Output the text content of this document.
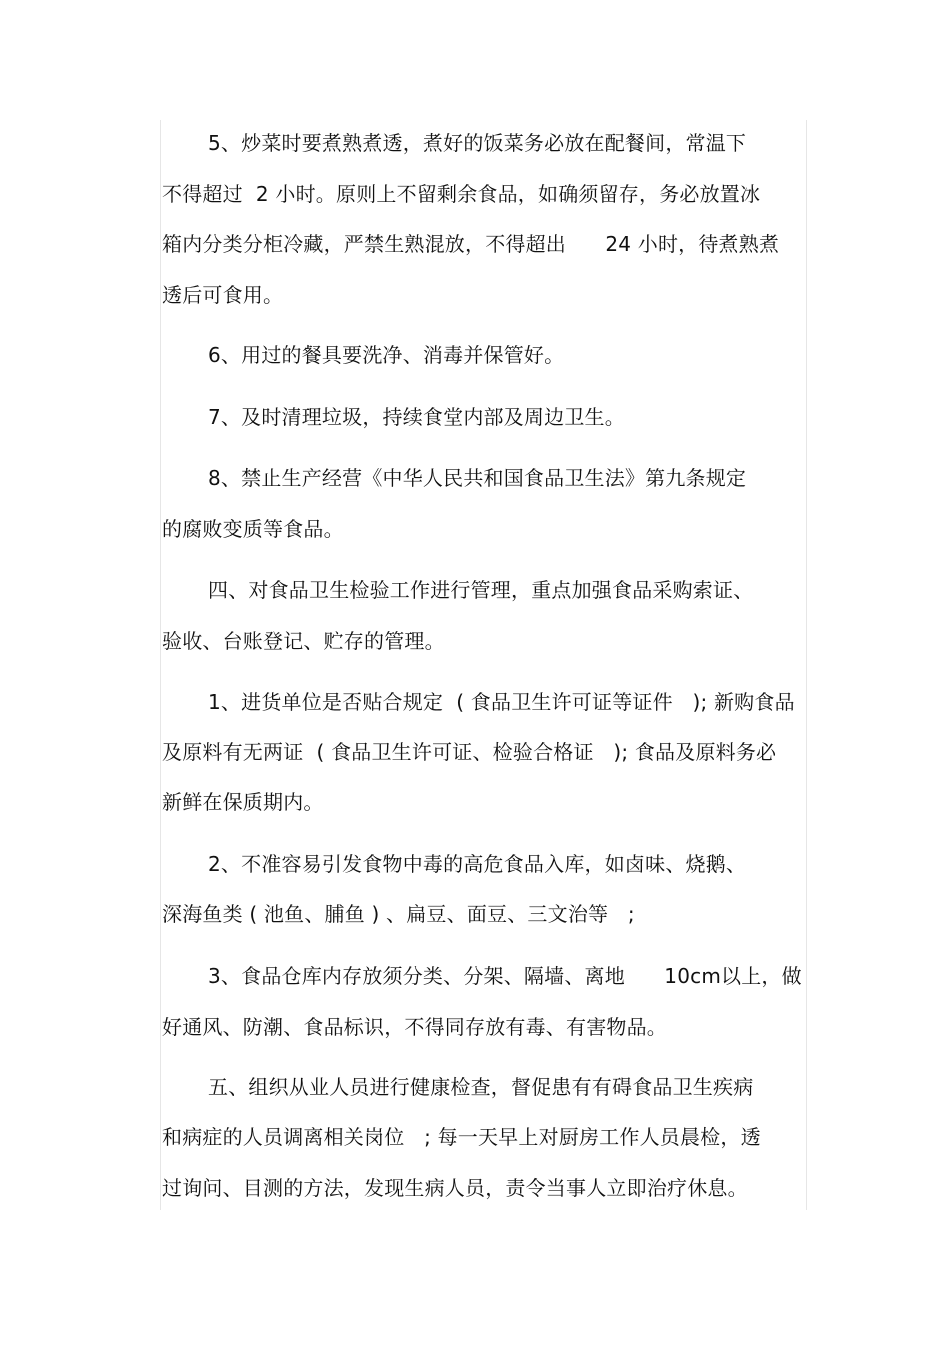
5、炒菜时要煮熟煮透，煮好的饭菜务必放在配餐间，常温下
不得超过  2 小时。原则上不留剩余食品，如确须留存，务必放置冰
箱内分类分柜冷藏，严禁生熟混放，不得超出      24 小时，待煮熟煮
透后可食用。
6、用过的餐具要洗净、消毒并保管好。
7、及时清理垃圾，持续食堂内部及周边卫生。
8、禁止生产经营《中华人民共和国食品卫生法》第九条规定
的腐败变质等食品。
四、对食品卫生检验工作进行管理，重点加强食品采购索证、
验收、台账登记、贮存的管理。
1、进货单位是否贴合规定  ( 食品卫生许可证等证件   ); 新购食品
及原料有无两证  ( 食品卫生许可证、检验合格证   ); 食品及原料务必
新鲜在保质期内。
2、不准容易引发食物中毒的高危食品入库，如卤味、烧鹅、
深海鱼类 ( 池鱼、脯鱼 ) 、扁豆、面豆、三文治等   ;
3、食品仓库内存放须分类、分架、隔墙、离地      10cm以上，做
好通风、防潮、食品标识，不得同存放有毒、有害物品。
五、组织从业人员进行健康检查，督促患有有碍食品卫生疾病
和病症的人员调离相关岗位   ; 每一天早上对厨房工作人员晨检，透
过询问、目测的方法，发现生病人员，责令当事人立即治疗休息。
